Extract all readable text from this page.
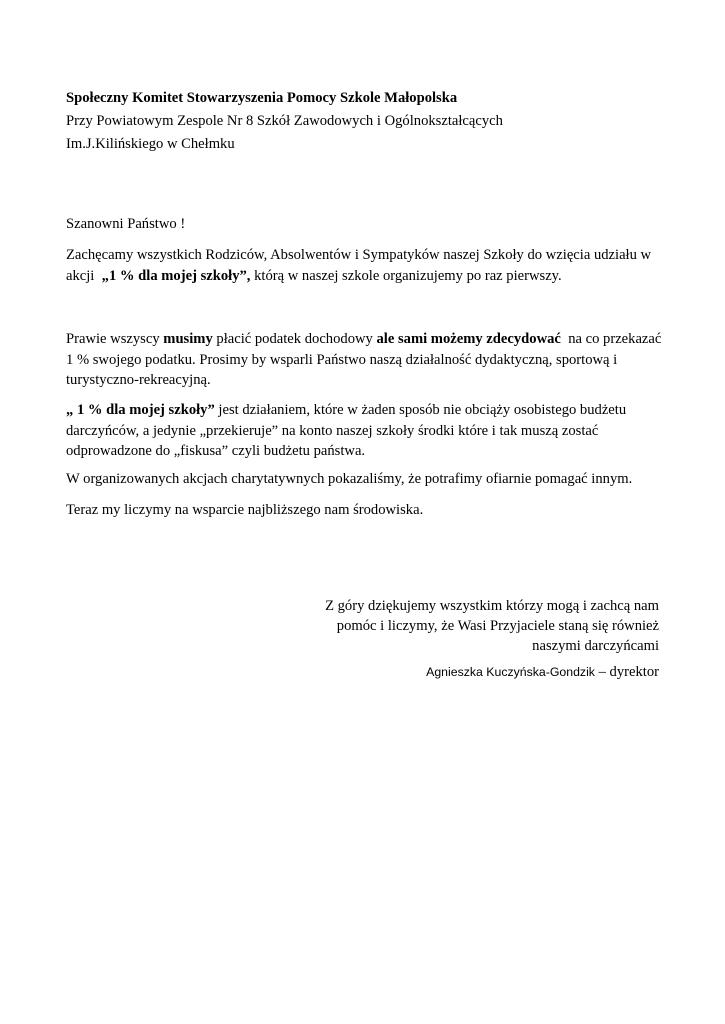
Społeczny Komitet Stowarzyszenia Pomocy Szkole Małopolska
Przy Powiatowym Zespole Nr 8 Szkół Zawodowych i Ogólnokształcących
Im.J.Kilińskiego w Chełmku
Szanowni Państwo !
Zachęcamy wszystkich Rodziców, Absolwentów i Sympatyków naszej Szkoły do wzięcia udziału w
akcji  „1 % dla mojej szkoły”, którą w naszej szkole organizujemy po raz pierwszy.

Prawie wszyscy musimy płacić podatek dochodowy ale sami możemy zdecydować  na co przekazać 1 % swojego podatku. Prosimy by wsparli Państwo naszą działalność dydaktyczną, sportową i turystyczno-rekreacyjną.

„ 1 % dla mojej szkoły” jest działaniem, które w żaden sposób nie obciąży osobistego budżetu darczyńców, a jedynie „przekieruje” na konto naszej szkoły środki które i tak muszą zostać odprowadzone do „fiskusa” czyli budżetu państwa.

W organizowanych akcjach charytatywnych pokazaliśmy, że potrafimy ofiarnie pomagać innym.
Teraz my liczymy na wsparcie najbliższego nam środowiska.
Z góry dziękujemy wszystkim którzy mogą i zachcą nam
pomóc i liczymy, że Wasi Przyjaciele staną się również
naszymi darczyńcami
Agnieszka Kuczyńska-Gondzik – dyrektor
